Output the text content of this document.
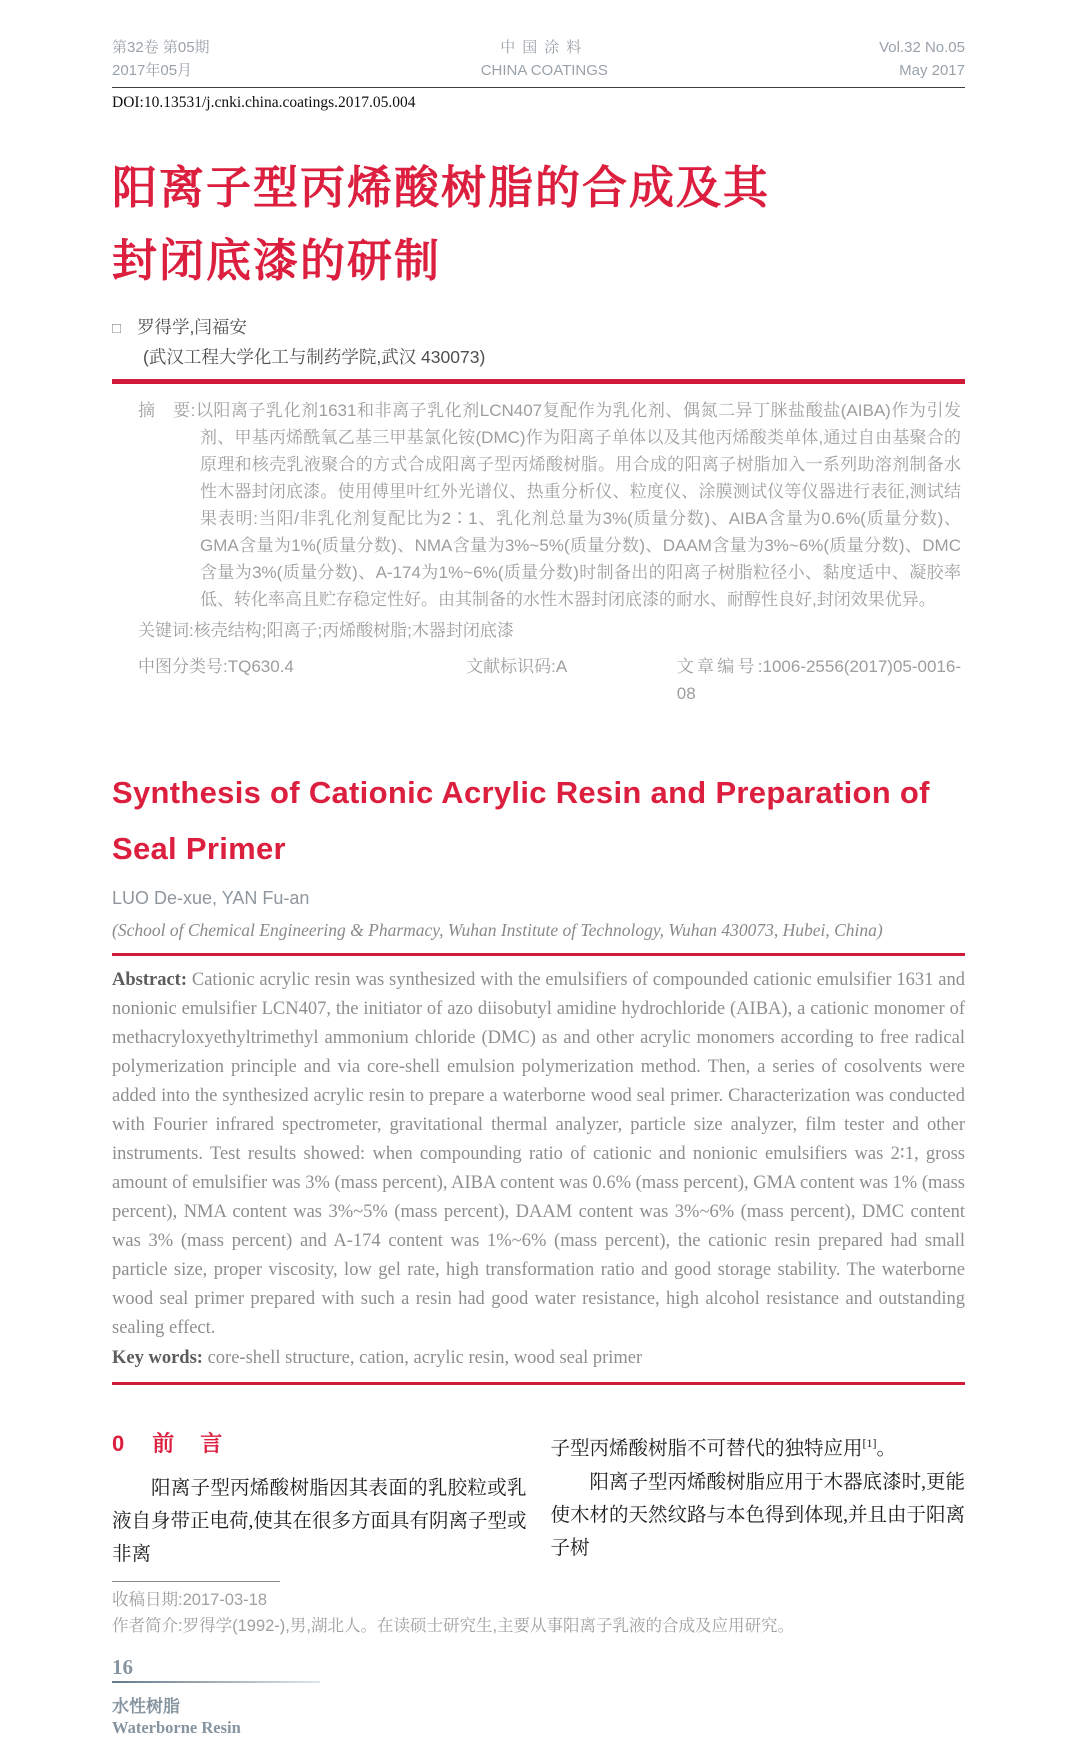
第32卷 第05期
2017年05月
中国涂料
CHINA COATINGS
Vol.32 No.05
May 2017
DOI:10.13531/j.cnki.china.coatings.2017.05.004
阳离子型丙烯酸树脂的合成及其
封闭底漆的研制
□ 罗得学,闫福安
(武汉工程大学化工与制药学院,武汉 430073)

摘　要:以阳离子乳化剂1631和非离子乳化剂LCN407复配作为乳化剂、偶氮二异丁脒盐酸盐(AIBA)作为引发剂、甲基丙烯酰氧乙基三甲基氯化铵(DMC)作为阳离子单体以及其他丙烯酸类单体,通过自由基聚合的原理和核壳乳液聚合的方式合成阳离子型丙烯酸树脂。用合成的阳离子树脂加入一系列助溶剂制备水性木器封闭底漆。使用傅里叶红外光谱仪、热重分析仪、粒度仪、涂膜测试仪等仪器进行表征,测试结果表明:当阳/非乳化剂复配比为2∶1、乳化剂总量为3%(质量分数)、AIBA含量为0.6%(质量分数)、GMA含量为1%(质量分数)、NMA含量为3%~5%(质量分数)、DAAM含量为3%~6%(质量分数)、DMC含量为3%(质量分数)、A-174为1%~6%(质量分数)时制备出的阳离子树脂粒径小、黏度适中、凝胶率低、转化率高且贮存稳定性好。由其制备的水性木器封闭底漆的耐水、耐醇性良好,封闭效果优异。

关键词:核壳结构;阳离子;丙烯酸树脂;木器封闭底漆

中图分类号:TQ630.4	文献标识码:A	文章编号:1006-2556(2017)05-0016-08
Synthesis of Cationic Acrylic Resin and Preparation of Seal Primer
LUO De-xue, YAN Fu-an
(School of Chemical Engineering & Pharmacy, Wuhan Institute of Technology, Wuhan 430073, Hubei, China)

Abstract: Cationic acrylic resin was synthesized with the emulsifiers of compounded cationic emulsifier 1631 and nonionic emulsifier LCN407, the initiator of azo diisobutyl amidine hydrochloride (AIBA), a cationic monomer of methacryloxyethyltrimethyl ammonium chloride (DMC) as and other acrylic monomers according to free radical polymerization principle and via core-shell emulsion polymerization method. Then, a series of cosolvents were added into the synthesized acrylic resin to prepare a waterborne wood seal primer. Characterization was conducted with Fourier infrared spectrometer, gravitational thermal analyzer, particle size analyzer, film tester and other instruments. Test results showed: when compounding ratio of cationic and nonionic emulsifiers was 2∶1, gross amount of emulsifier was 3% (mass percent), AIBA content was 0.6% (mass percent), GMA content was 1% (mass percent), NMA content was 3%~5% (mass percent), DAAM content was 3%~6% (mass percent), DMC content was 3% (mass percent) and A-174 content was 1%~6% (mass percent), the cationic resin prepared had small particle size, proper viscosity, low gel rate, high transformation ratio and good storage stability. The waterborne wood seal primer prepared with such a resin had good water resistance, high alcohol resistance and outstanding sealing effect.

Key words: core-shell structure, cation, acrylic resin, wood seal primer

0 前言

阳离子型丙烯酸树脂因其表面的乳胶粒或乳液自身带正电荷,使其在很多方面具有阴离子型或非离

子型丙烯酸树脂不可替代的独特应用[1]。

阳离子型丙烯酸树脂应用于木器底漆时,更能使木材的天然纹路与本色得到体现,并且由于阳离子树

收稿日期:2017-03-18

作者简介:罗得学(1992-),男,湖北人。在读硕士研究生,主要从事阳离子乳液的合成及应用研究。

16
水性树脂
Waterborne Resin
